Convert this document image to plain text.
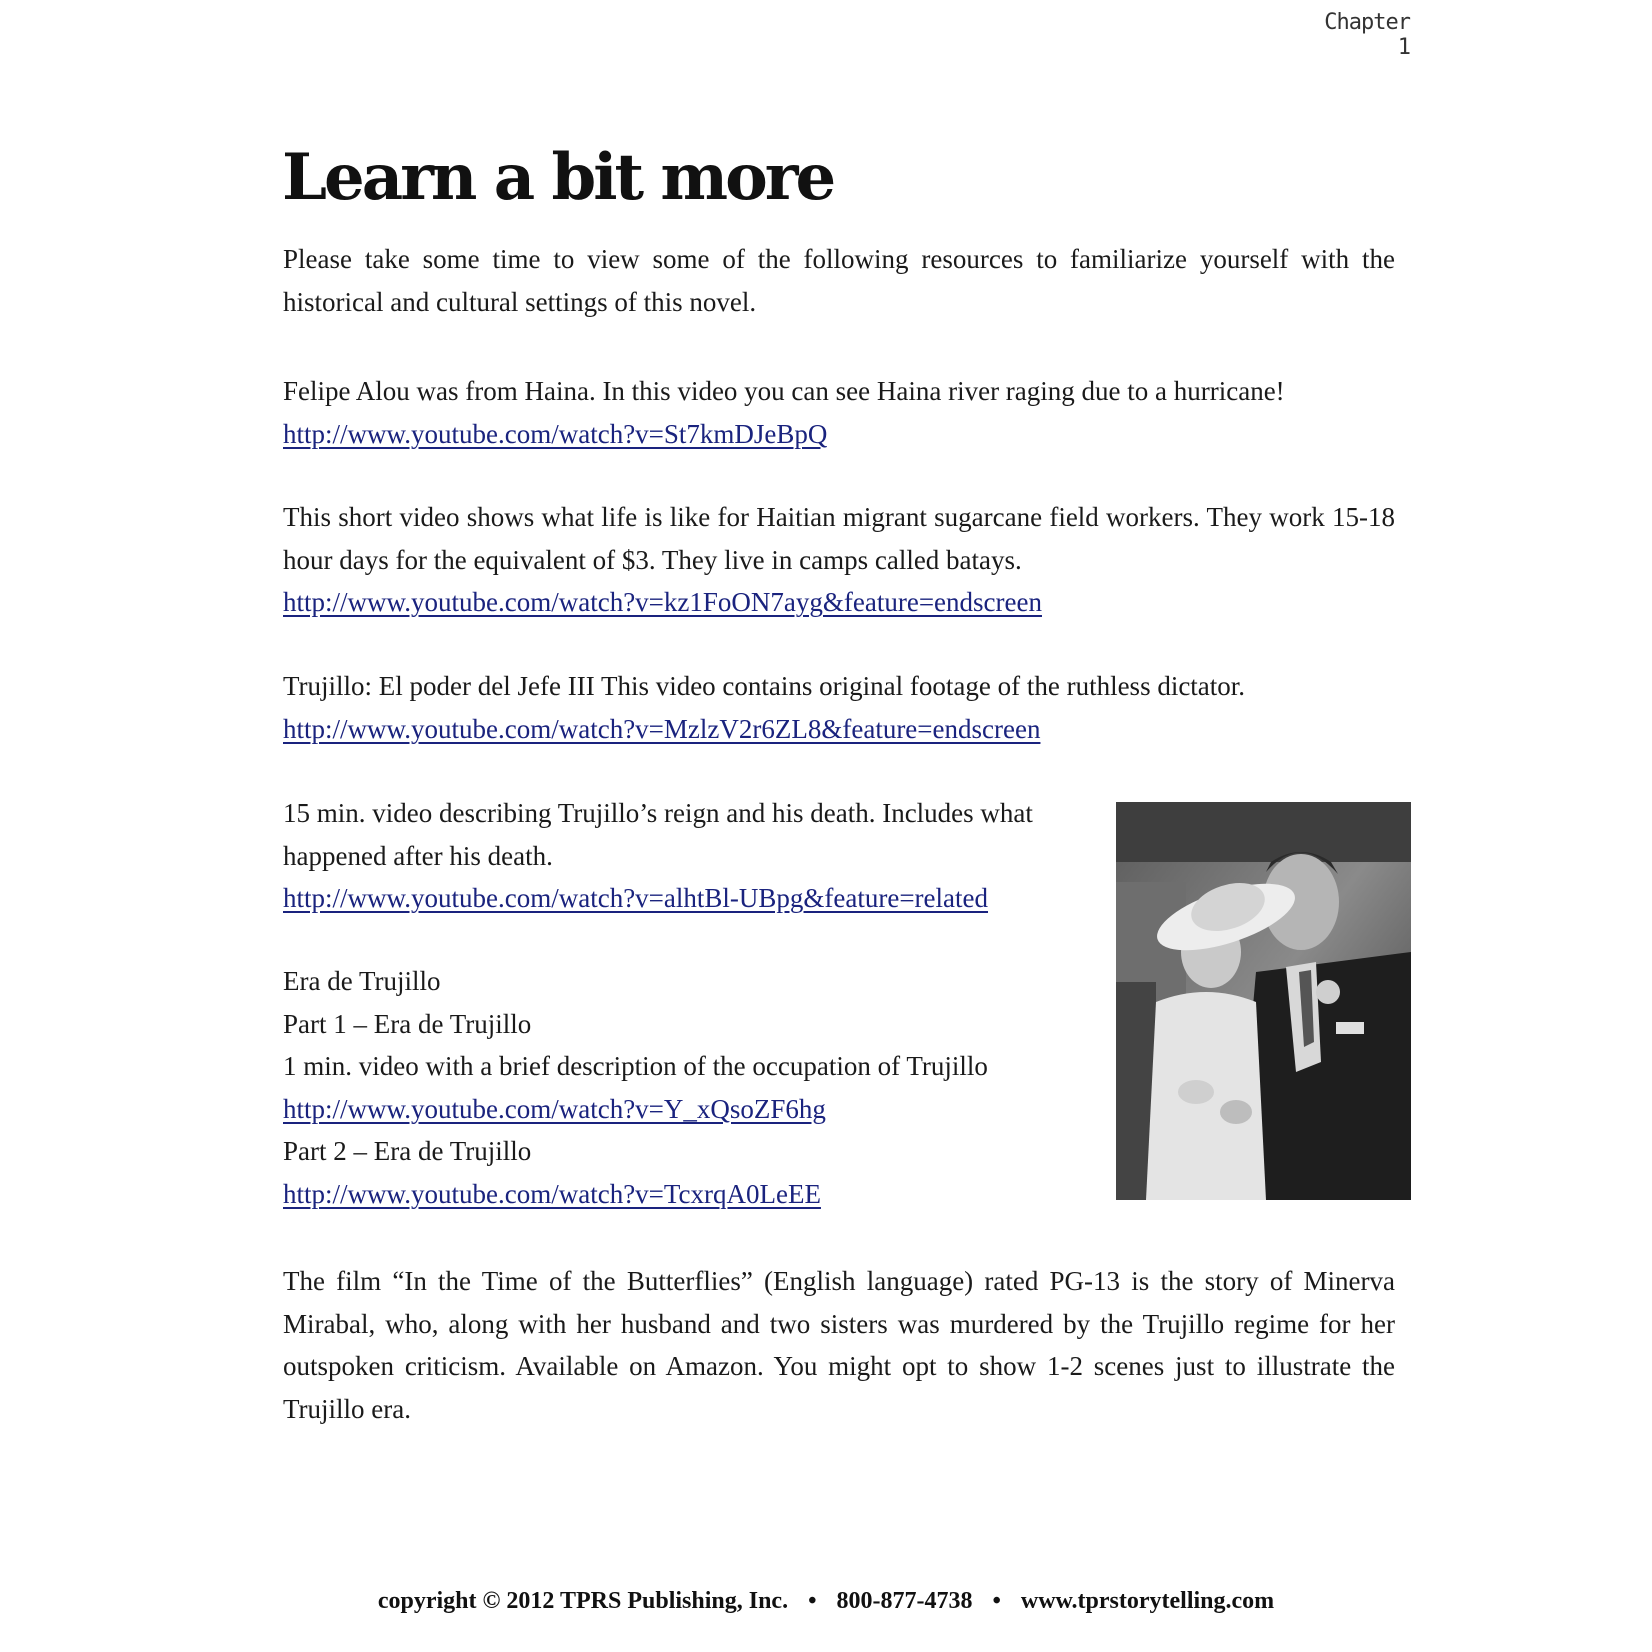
Chapter 1
Learn a bit more

Please take some time to view some of the following resources to familiarize yourself with the historical and cultural settings of this novel.

Felipe Alou was from Haina. In this video you can see Haina river raging due to a hurricane!
http://www.youtube.com/watch?v=St7kmDJeBpQ

This short video shows what life is like for Haitian migrant sugarcane field workers. They work 15-18 hour days for the equivalent of $3. They live in camps called batays.
http://www.youtube.com/watch?v=kz1FoON7ayg&feature=endscreen

Trujillo: El poder del Jefe III This video contains original footage of the ruthless dictator.
http://www.youtube.com/watch?v=MzlzV2r6ZL8&feature=endscreen

15 min. video describing Trujillo’s reign and his death. Includes what happened after his death.
http://www.youtube.com/watch?v=alhtBl-UBpg&feature=related

Era de Trujillo
Part 1 – Era de Trujillo
1 min. video with a brief description of the occupation of Trujillo
http://www.youtube.com/watch?v=Y_xQsoZF6hg
Part 2 – Era de Trujillo
http://www.youtube.com/watch?v=TcxrqA0LeEE

The film “In the Time of the Butterflies” (English language) rated PG-13 is the story of Minerva Mirabal, who, along with her husband and two sisters was murdered by the Trujillo regime for her outspoken criticism. Available on Amazon. You might opt to show 1-2 scenes just to illustrate the Trujillo era.

copyright © 2012 TPRS Publishing, Inc. • 800-877-4738 • www.tprstorytelling.com
